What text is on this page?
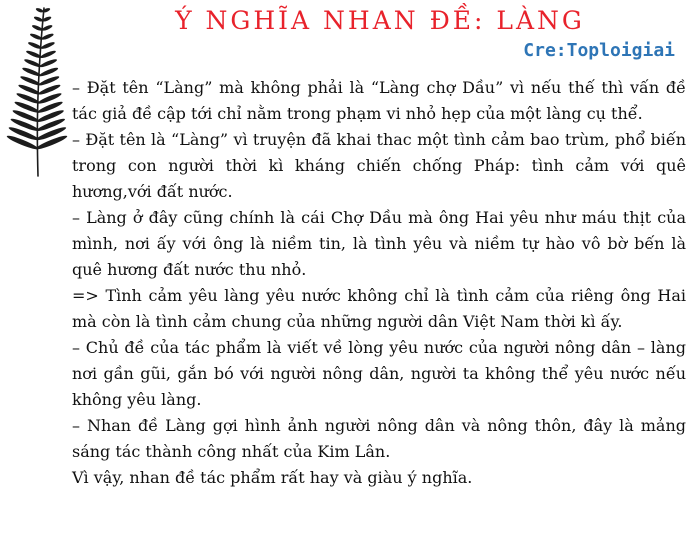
Ý NGHĨA NHAN ĐỀ: LÀNG
Cre:Toploigiai

– Đặt tên “Làng” mà không phải là “Làng chợ Dầu” vì nếu thế thì vấn đề tác giả đề cập tới chỉ nằm trong phạm vi nhỏ hẹp của một làng cụ thể.

– Đặt tên là “Làng” vì truyện đã khai thac một tình cảm bao trùm, phổ biến trong con người thời kì kháng chiến chống Pháp: tình cảm với quê hương,với đất nước.

– Làng ở đây cũng chính là cái Chợ Dầu mà ông Hai yêu như máu thịt của mình, nơi ấy với ông là niềm tin, là tình yêu và niềm tự hào vô bờ bến là quê hương đất nước thu nhỏ.

=> Tình cảm yêu làng yêu nước không chỉ là tình cảm của riêng ông Hai mà còn là tình cảm chung của những người dân Việt Nam thời kì ấy.

– Chủ đề của tác phẩm là viết về lòng yêu nước của người nông dân – làng nơi gần gũi, gắn bó với người nông dân, người ta không thể yêu nước nếu không yêu làng.

– Nhan đề Làng gợi hình ảnh người nông dân và nông thôn, đây là mảng sáng tác thành công nhất của Kim Lân.

Vì vậy, nhan đề tác phẩm rất hay và giàu ý nghĩa.
